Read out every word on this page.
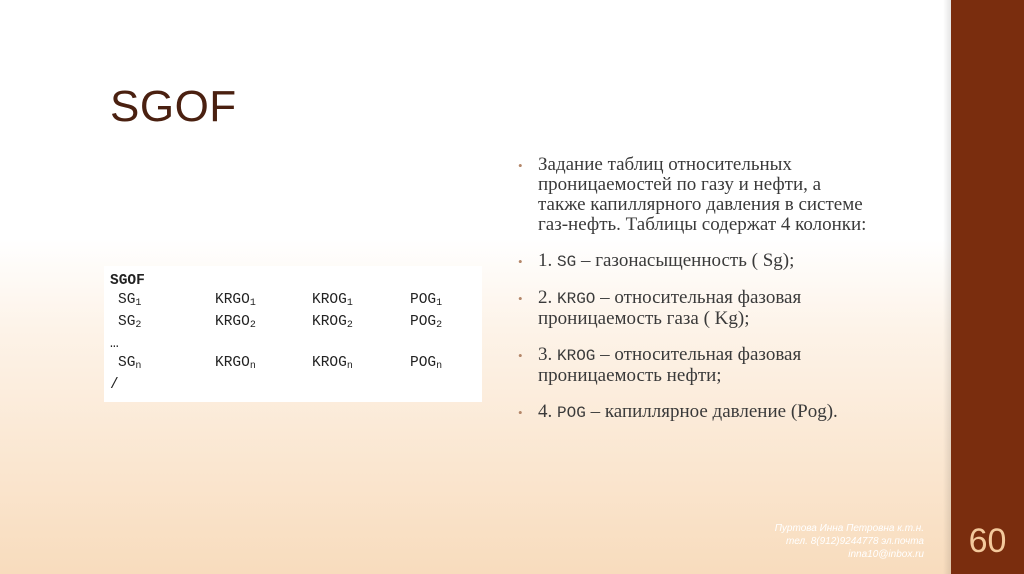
60
SGOF
SGOF
$SG_1$	$KRGO_1$	$KROG_1$	$POG_1$
$SG_2$	$KRGO_2$	$KROG_2$	$POG_2$
…
$SG_n$	$KRGO_n$	$KROG_n$	$POG_n$
/
• Задание таблиц относительных проницаемостей по газу и нефти, а также капиллярного давления в системе газ-нефть. Таблицы содержат 4 колонки:
• 1. SG – газонасыщенность ( Sg);
• 2. KRGO – относительная фазовая проницаемость газа ( Kg);
• 3. KROG – относительная фазовая проницаемость нефти;
• 4. POG – капиллярное давление (Pog).
Пуртова Инна Петровна к.т.н.
тел. 8(912)9244778 эл.почта
inna10@inbox.ru
